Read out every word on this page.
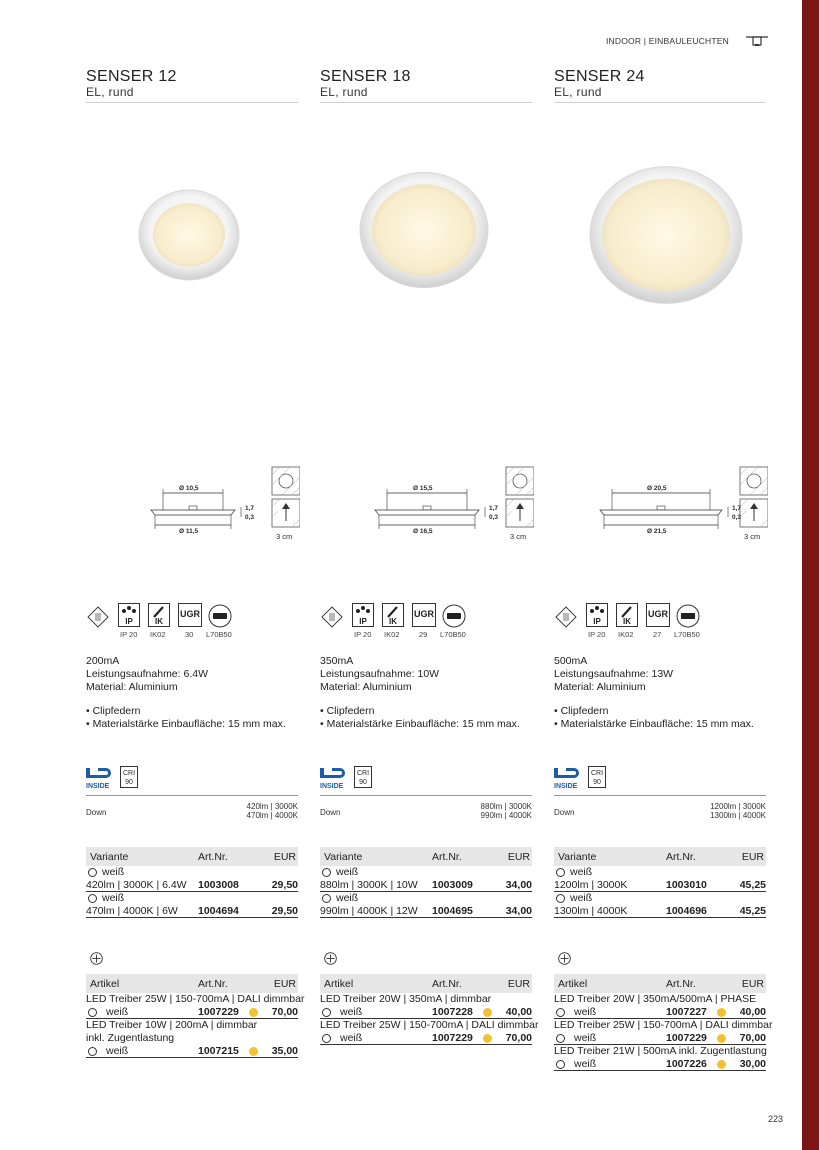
INDOOR | EINBAULEUCHTEN
SENSER 12
EL, rund
Ø 10,5
Ø 11,5
1,7
0,3
3 cm
IP	IK
UGR
IP 20 IK02	30 L70B50
200mA
Leistungsaufnahme: 6.4W
Material: Aluminium
• Clipfedern
• Materialstärke Einbaufläche: 15 mm max.
INSIDE
CRI
90
Down
420lm | 3000K
470lm | 4000K
Variante	Art.Nr.	EUR
weiß
420lm | 3000K | 6.4W 1003008	29,50
weiß
470lm | 4000K | 6W 1004694	29,50
Artikel	Art.Nr.	EUR
LED Treiber 25W | 150-700mA | DALI dimmbar
weiß	1007229	70,00
LED Treiber 10W | 200mA | dimmbar
inkl. Zugentlastung
weiß	1007215	35,00
SENSER 18
EL, rund
Ø 15,5
Ø 16,5
1,7
0,3
3 cm
IP	IK
UGR
IP 20 IK02	29 L70B50
350mA
Leistungsaufnahme: 10W
Material: Aluminium
• Clipfedern
• Materialstärke Einbaufläche: 15 mm max.
INSIDE
CRI
90
Down
880lm | 3000K
990lm | 4000K
Variante	Art.Nr.	EUR
weiß
880lm | 3000K | 10W 1003009	34,00
weiß
990lm | 4000K | 12W 1004695	34,00
Artikel	Art.Nr.	EUR
LED Treiber 20W | 350mA | dimmbar
weiß	1007228	40,00
LED Treiber 25W | 150-700mA | DALI dimmbar
weiß	1007229	70,00
SENSER 24
EL, rund
Ø 20,5
Ø 21,5
1,7
0,3
3 cm
IP	IK
UGR
IP 20 IK02	27 L70B50
500mA
Leistungsaufnahme: 13W
Material: Aluminium
• Clipfedern
• Materialstärke Einbaufläche: 15 mm max.
INSIDE
CRI
90
Down
1200lm | 3000K
1300lm | 4000K
Variante	Art.Nr.	EUR
weiß
1200lm | 3000K	1003010	45,25
weiß
1300lm | 4000K	1004696	45,25
Artikel	Art.Nr.	EUR
LED Treiber 20W | 350mA/500mA | PHASE
weiß	1007227	40,00
LED Treiber 25W | 150-700mA | DALI dimmbar
weiß	1007229	70,00
LED Treiber 21W | 500mA inkl. Zugentlastung
weiß	1007226	30,00
223
